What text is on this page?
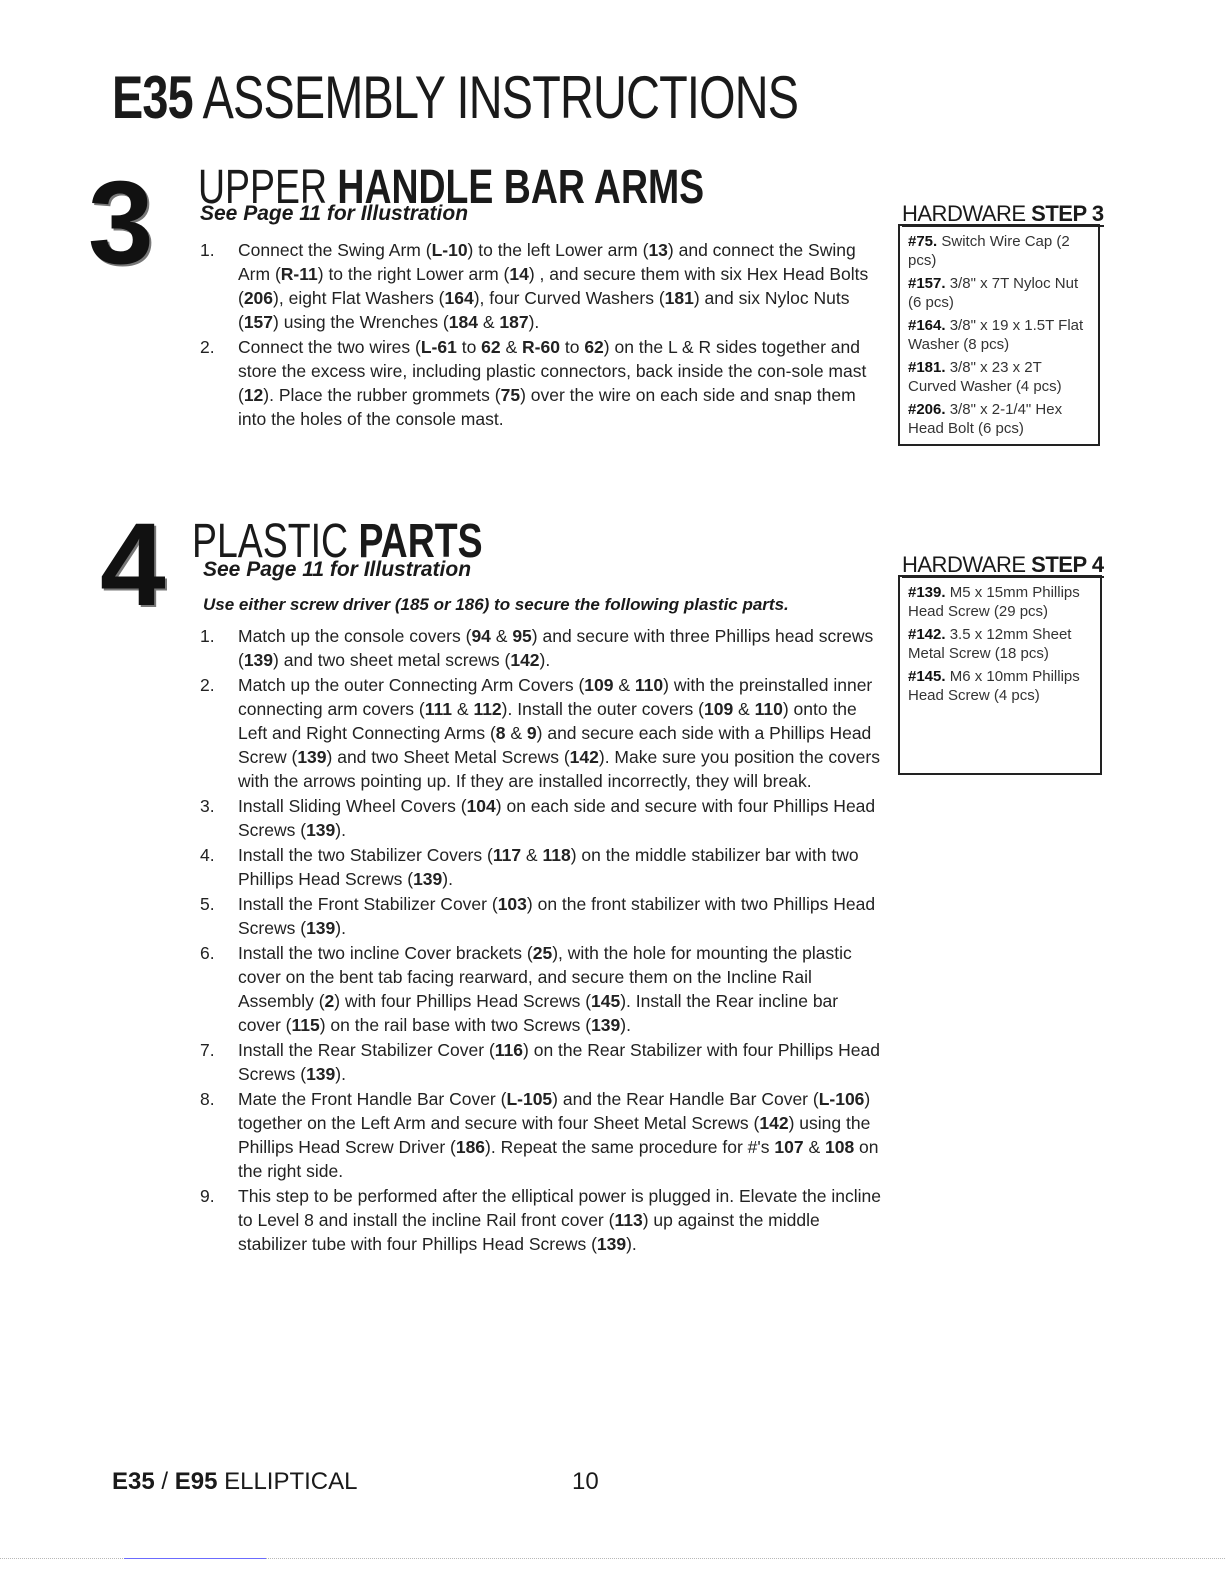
E35 ASSEMBLY INSTRUCTIONS
3 UPPER HANDLE BAR ARMS

See Page 11 for Illustration

1. Connect the Swing Arm (L-10) to the left Lower arm (13) and connect the Swing Arm (R-11) to the right Lower arm (14) , and secure them with six Hex Head Bolts (206), eight Flat Washers (164), four Curved Washers (181) and six Nyloc Nuts (157) using the Wrenches (184 & 187).
2. Connect the two wires (L-61 to 62 & R-60 to 62) on the L & R sides together and store the excess wire, including plastic connectors, back inside the con-sole mast (12). Place the rubber grommets (75) over the wire on each side and snap them into the holes of the console mast.
HARDWARE STEP 3
#75. Switch Wire Cap (2 pcs)
#157. 3/8" x 7T Nyloc Nut (6 pcs)
#164. 3/8" x 19 x 1.5T Flat Washer (8 pcs)
#181. 3/8" x 23 x 2T Curved Washer (4 pcs)
#206. 3/8" x 2-1/4" Hex Head Bolt (6 pcs)
4 PLASTIC PARTS

See Page 11 for Illustration

Use either screw driver (185 or 186) to secure the following plastic parts.

1. Match up the console covers (94 & 95) and secure with three Phillips head screws (139) and two sheet metal screws (142).
2. Match up the outer Connecting Arm Covers (109 & 110) with the preinstalled inner connecting arm covers (111 & 112). Install the outer covers (109 & 110) onto the Left and Right Connecting Arms (8 & 9) and secure each side with a Phillips Head Screw (139) and two Sheet Metal Screws (142). Make sure you position the covers with the arrows pointing up. If they are installed incorrectly, they will break.
3. Install Sliding Wheel Covers (104) on each side and secure with four Phillips Head Screws (139).
4. Install the two Stabilizer Covers (117 & 118) on the middle stabilizer bar with two Phillips Head Screws (139).
5. Install the Front Stabilizer Cover (103) on the front stabilizer with two Phillips Head Screws (139).
6. Install the two incline Cover brackets (25), with the hole for mounting the plastic cover on the bent tab facing rearward, and secure them on the Incline Rail Assembly (2) with four Phillips Head Screws (145). Install the Rear incline bar cover (115) on the rail base with two Screws (139).
7. Install the Rear Stabilizer Cover (116) on the Rear Stabilizer with four Phillips Head Screws (139).
8. Mate the Front Handle Bar Cover (L-105) and the Rear Handle Bar Cover (L-106) together on the Left Arm and secure with four Sheet Metal Screws (142) using the Phillips Head Screw Driver (186). Repeat the same procedure for #'s 107 & 108 on the right side.
9. This step to be performed after the elliptical power is plugged in. Elevate the incline to Level 8 and install the incline Rail front cover (113) up against the middle stabilizer tube with four Phillips Head Screws (139).
HARDWARE STEP 4
#139. M5 x 15mm Phillips Head Screw (29 pcs)
#142. 3.5 x 12mm Sheet Metal Screw (18 pcs)
#145. M6 x 10mm Phillips Head Screw (4 pcs)

E35 / E95 ELLIPTICAL	10
